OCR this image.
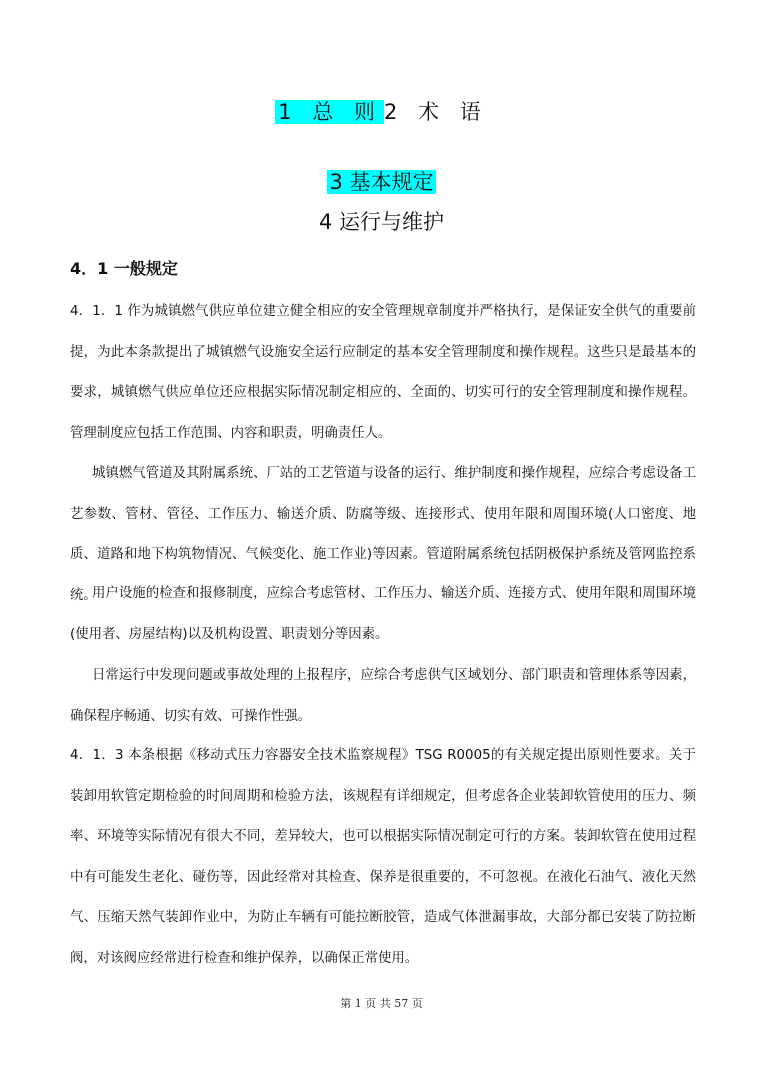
1 总 则2 术 语
3 基本规定
4 运行与维护
4．1 一般规定

4．1．1 作为城镇燃气供应单位建立健全相应的安全管理规章制度并严格执行，是保证安全供气的重要前提，为此本条款提出了城镇燃气设施安全运行应制定的基本安全管理制度和操作规程。这些只是最基本的要求，城镇燃气供应单位还应根据实际情况制定相应的、全面的、切实可行的安全管理制度和操作规程。管理制度应包括工作范围、内容和职责，明确责任人。

城镇燃气管道及其附属系统、厂站的工艺管道与设备的运行、维护制度和操作规程，应综合考虑设备工艺参数、管材、管径、工作压力、输送介质、防腐等级、连接形式、使用年限和周围环境(人口密度、地质、道路和地下构筑物情况、气候变化、施工作业)等因素。管道附属系统包括阴极保护系统及管网监控系统。

用户设施的检查和报修制度，应综合考虑管材、工作压力、输送介质、连接方式、使用年限和周围环境(使用者、房屋结构)以及机构设置、职责划分等因素。

日常运行中发现问题或事故处理的上报程序，应综合考虑供气区域划分、部门职责和管理体系等因素，确保程序畅通、切实有效、可操作性强。

4．1．3 本条根据《移动式压力容器安全技术监察规程》TSG R0005的有关规定提出原则性要求。关于装卸用软管定期检验的时间周期和检验方法，该规程有详细规定，但考虑各企业装卸软管使用的压力、频率、环境等实际情况有很大不同，差异较大，也可以根据实际情况制定可行的方案。装卸软管在使用过程中有可能发生老化、碰伤等，因此经常对其检查、保养是很重要的，不可忽视。在液化石油气、液化天然气、压缩天然气装卸作业中，为防止车辆有可能拉断胶管，造成气体泄漏事故，大部分都已安装了防拉断阀，对该阀应经常进行检查和维护保养，以确保正常使用。

第 1 页 共 57 页
